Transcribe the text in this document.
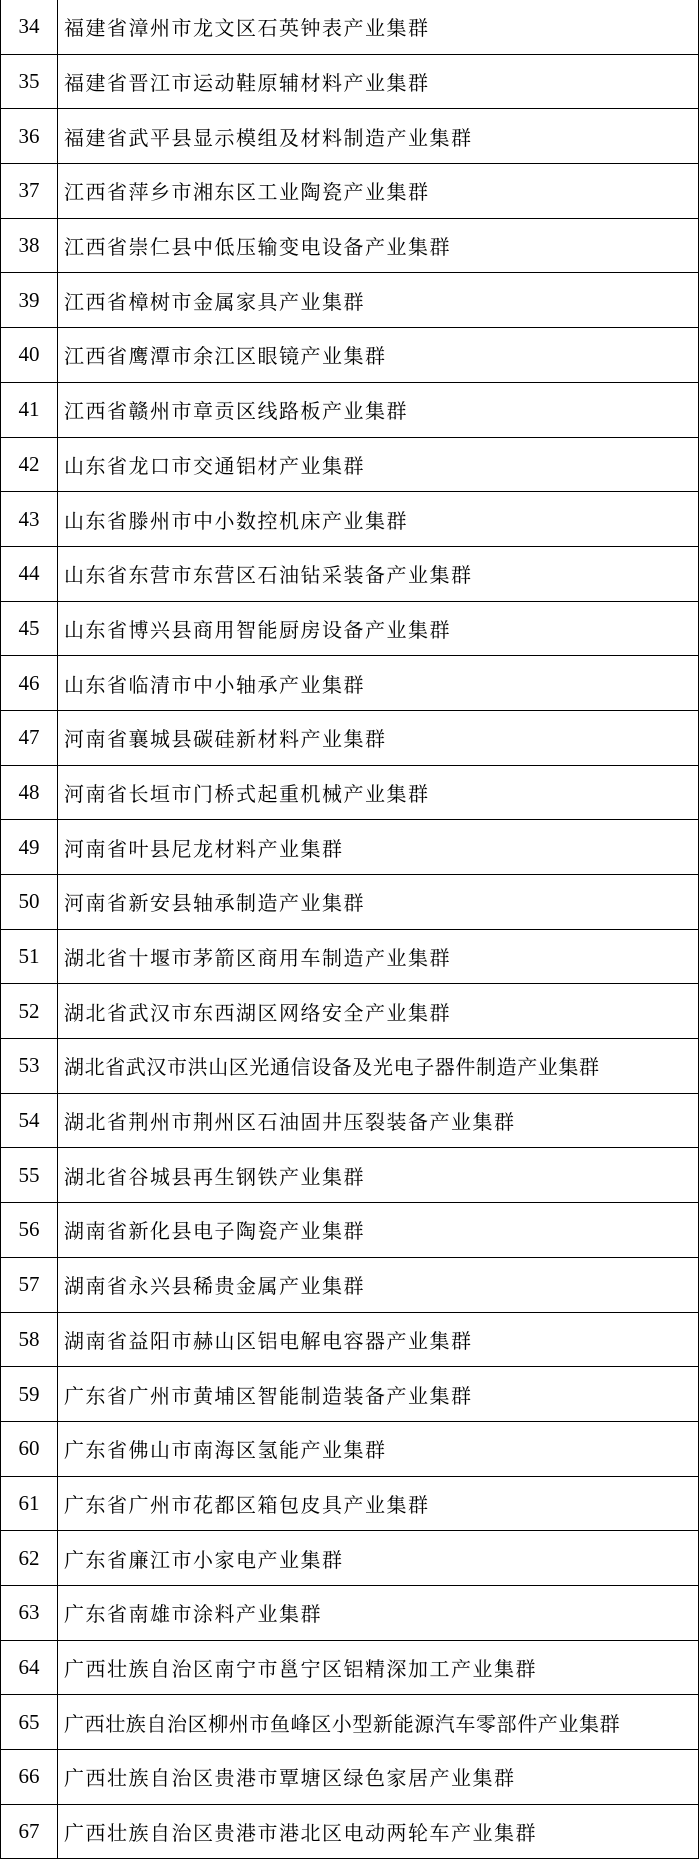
34	福建省漳州市龙文区石英钟表产业集群
35	福建省晋江市运动鞋原辅材料产业集群
36	福建省武平县显示模组及材料制造产业集群
37	江西省萍乡市湘东区工业陶瓷产业集群
38	江西省崇仁县中低压输变电设备产业集群
39	江西省樟树市金属家具产业集群
40	江西省鹰潭市余江区眼镜产业集群
41	江西省赣州市章贡区线路板产业集群
42	山东省龙口市交通铝材产业集群
43	山东省滕州市中小数控机床产业集群
44	山东省东营市东营区石油钻采装备产业集群
45	山东省博兴县商用智能厨房设备产业集群
46	山东省临清市中小轴承产业集群
47	河南省襄城县碳硅新材料产业集群
48	河南省长垣市门桥式起重机械产业集群
49	河南省叶县尼龙材料产业集群
50	河南省新安县轴承制造产业集群
51	湖北省十堰市茅箭区商用车制造产业集群
52	湖北省武汉市东西湖区网络安全产业集群
53	湖北省武汉市洪山区光通信设备及光电子器件制造产业集群
54	湖北省荆州市荆州区石油固井压裂装备产业集群
55	湖北省谷城县再生钢铁产业集群
56	湖南省新化县电子陶瓷产业集群
57	湖南省永兴县稀贵金属产业集群
58	湖南省益阳市赫山区铝电解电容器产业集群
59	广东省广州市黄埔区智能制造装备产业集群
60	广东省佛山市南海区氢能产业集群
61	广东省广州市花都区箱包皮具产业集群
62	广东省廉江市小家电产业集群
63	广东省南雄市涂料产业集群
64	广西壮族自治区南宁市邕宁区铝精深加工产业集群
65	广西壮族自治区柳州市鱼峰区小型新能源汽车零部件产业集群
66	广西壮族自治区贵港市覃塘区绿色家居产业集群
67	广西壮族自治区贵港市港北区电动两轮车产业集群
